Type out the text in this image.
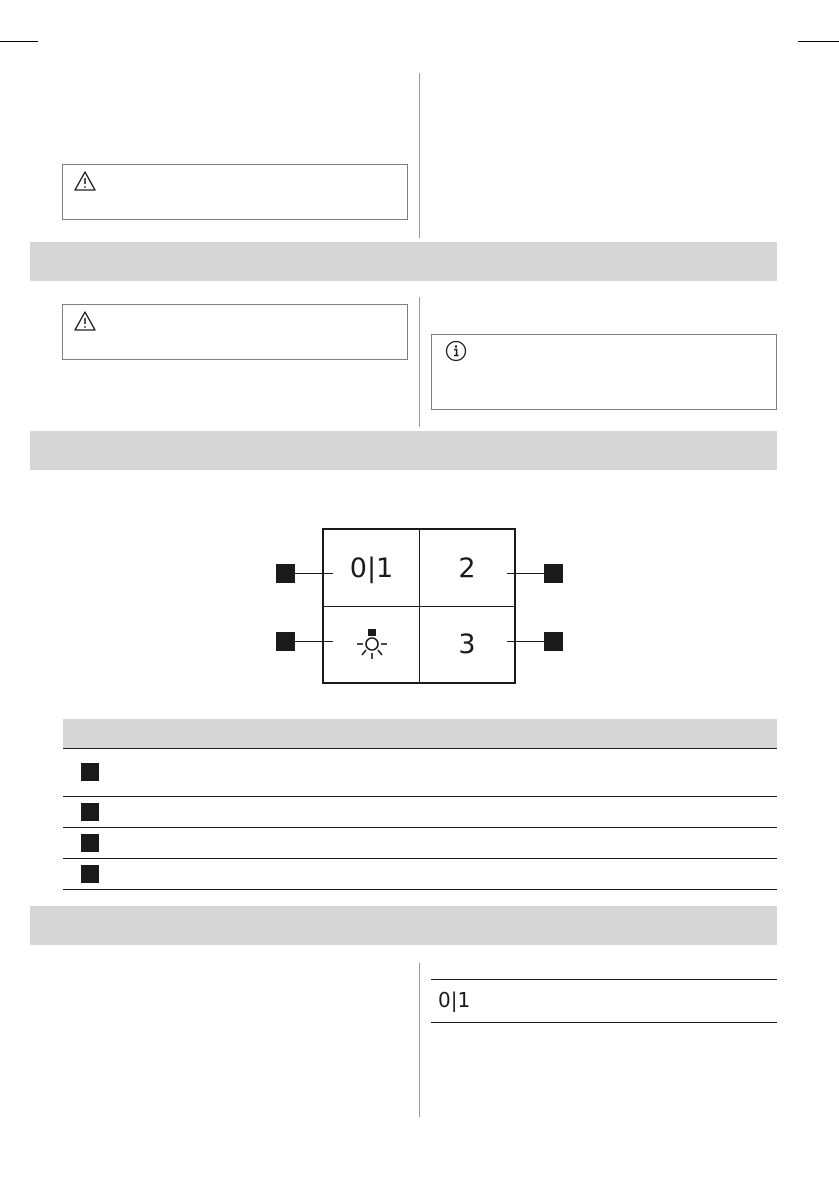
0|1	2
3
0|1
